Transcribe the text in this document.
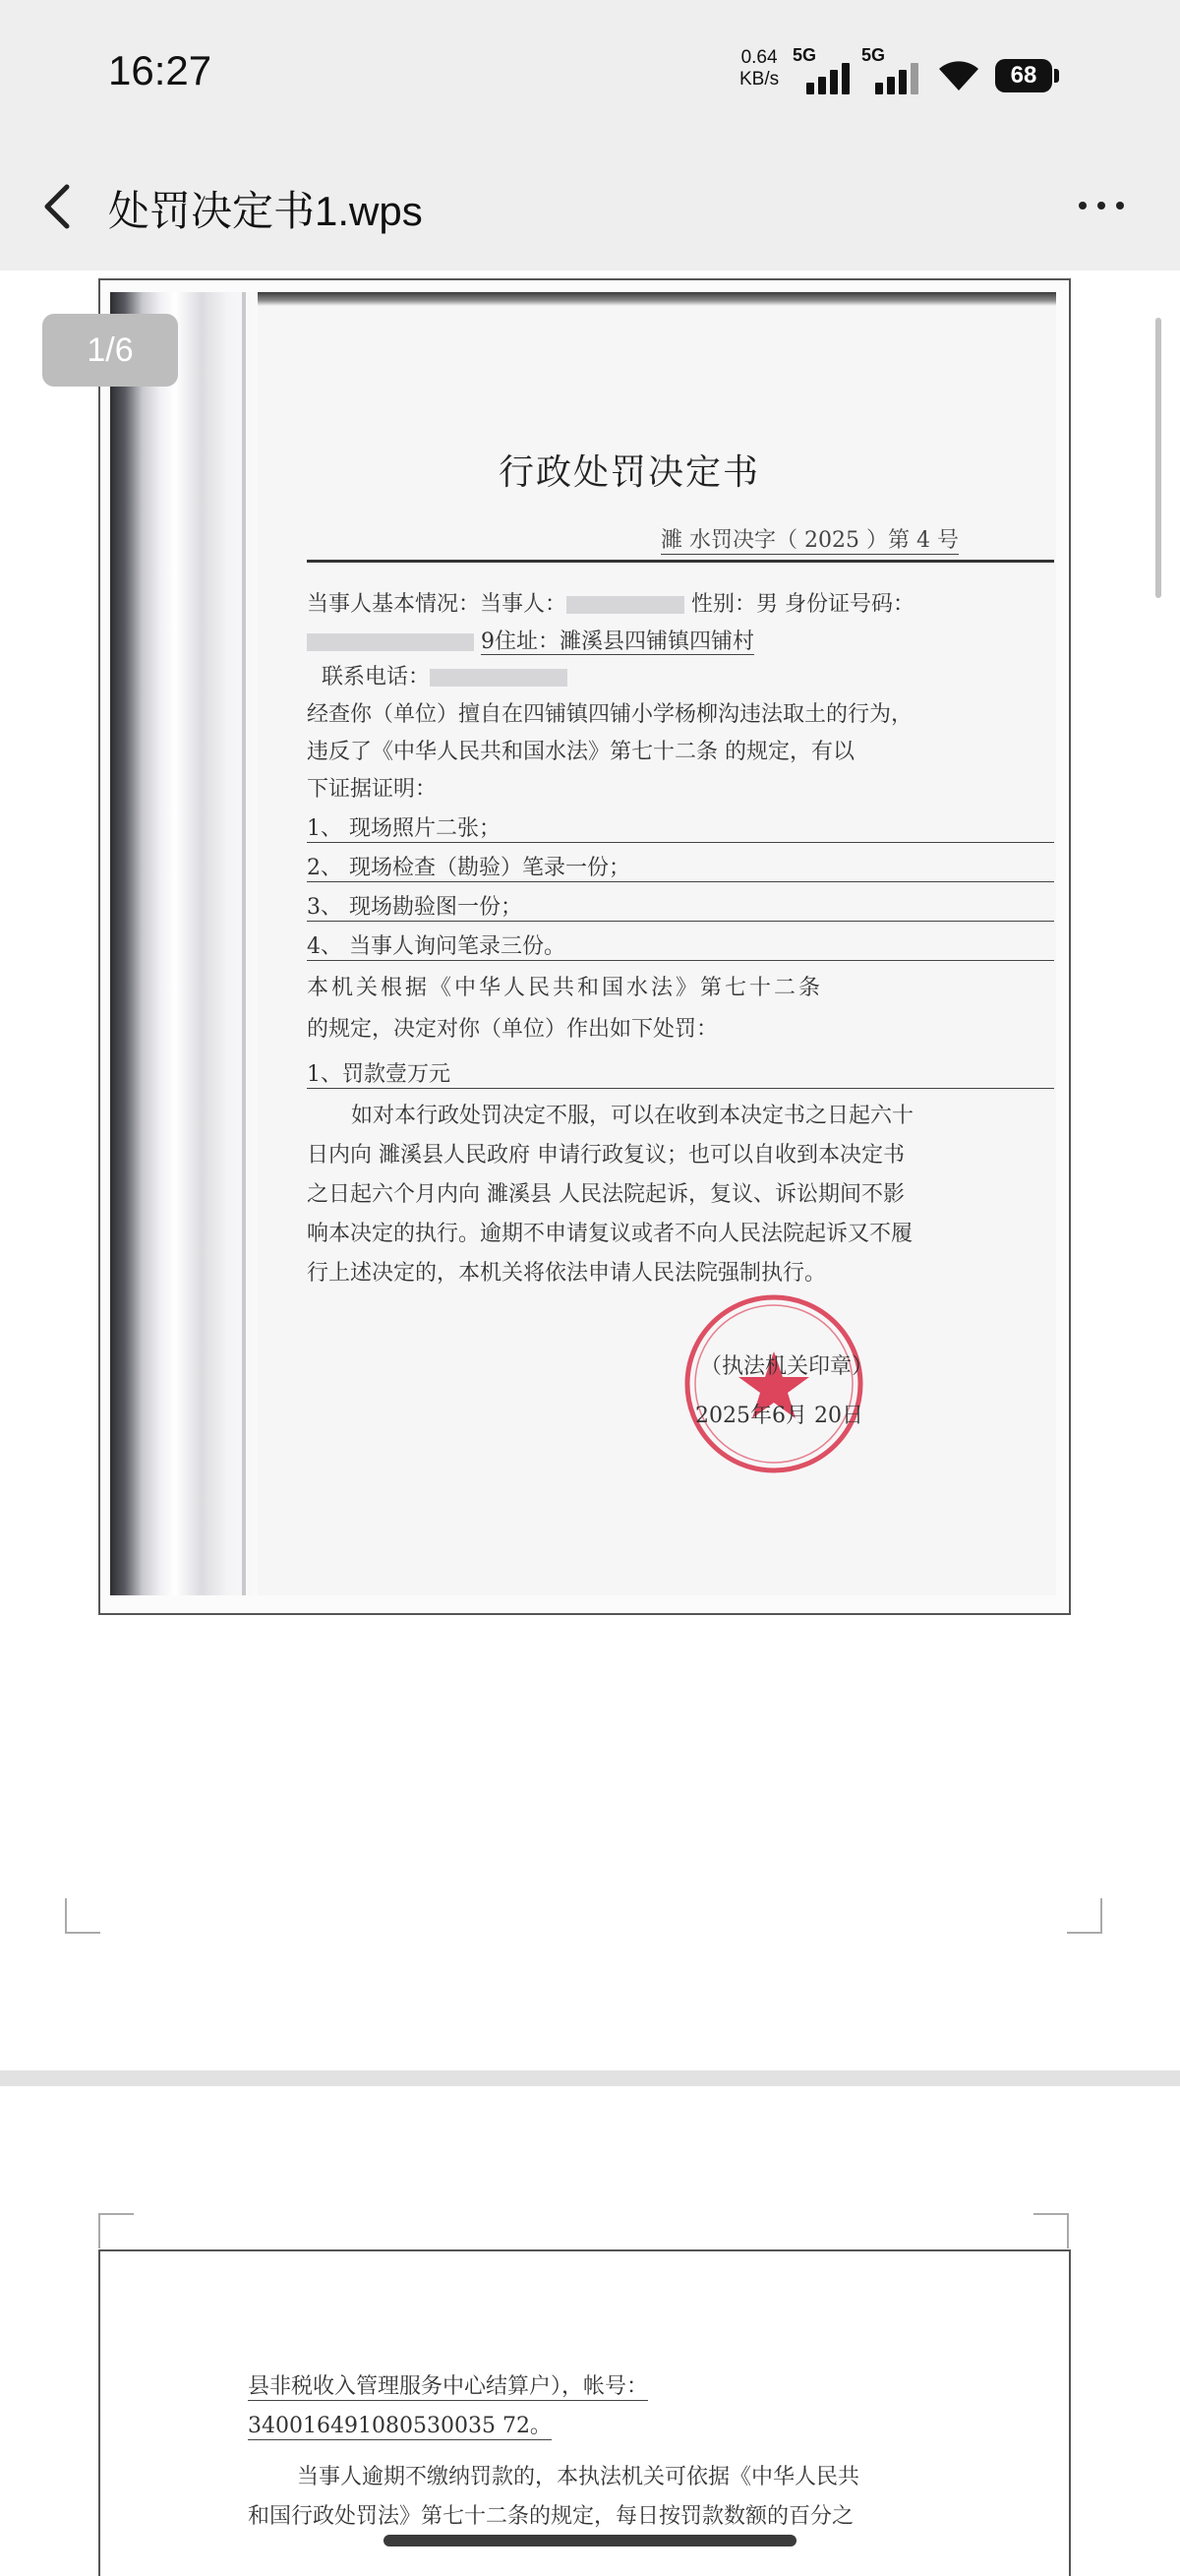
16:27	0.64
KB/s
5G	5G
68
处罚决定书1.wps
行政处罚决定书
濉 水罚决字（ 2025 ）第 4 号
当事人基本情况：当事人：	性别：男 身份证号码：
9住址：濉溪县四铺镇四铺村
联系电话：
经查你（单位）擅自在四铺镇四铺小学杨柳沟违法取土的行为，
违反了《中华人民共和国水法》第七十二条 的规定，有以
下证据证明：
1、 现场照片二张；
2、 现场检查（勘验）笔录一份；
3、 现场勘验图一份；
4、 当事人询问笔录三份。
本机关根据《中华人民共和国水法》第七十二条
的规定，决定对你（单位）作出如下处罚：
1、罚款壹万元
如对本行政处罚决定不服，可以在收到本决定书之日起六十
日内向 濉溪县人民政府 申请行政复议；也可以自收到本决定书
之日起六个月内向 濉溪县 人民法院起诉，复议、诉讼期间不影
响本决定的执行。逾期不申请复议或者不向人民法院起诉又不履
行上述决定的，本机关将依法申请人民法院强制执行。
（执法机关印章）
2025年6月 20日
1/6
县非税收入管理服务中心结算户），帐号：
340016491080530035 72。
当事人逾期不缴纳罚款的，本执法机关可依据《中华人民共
和国行政处罚法》第七十二条的规定，每日按罚款数额的百分之
